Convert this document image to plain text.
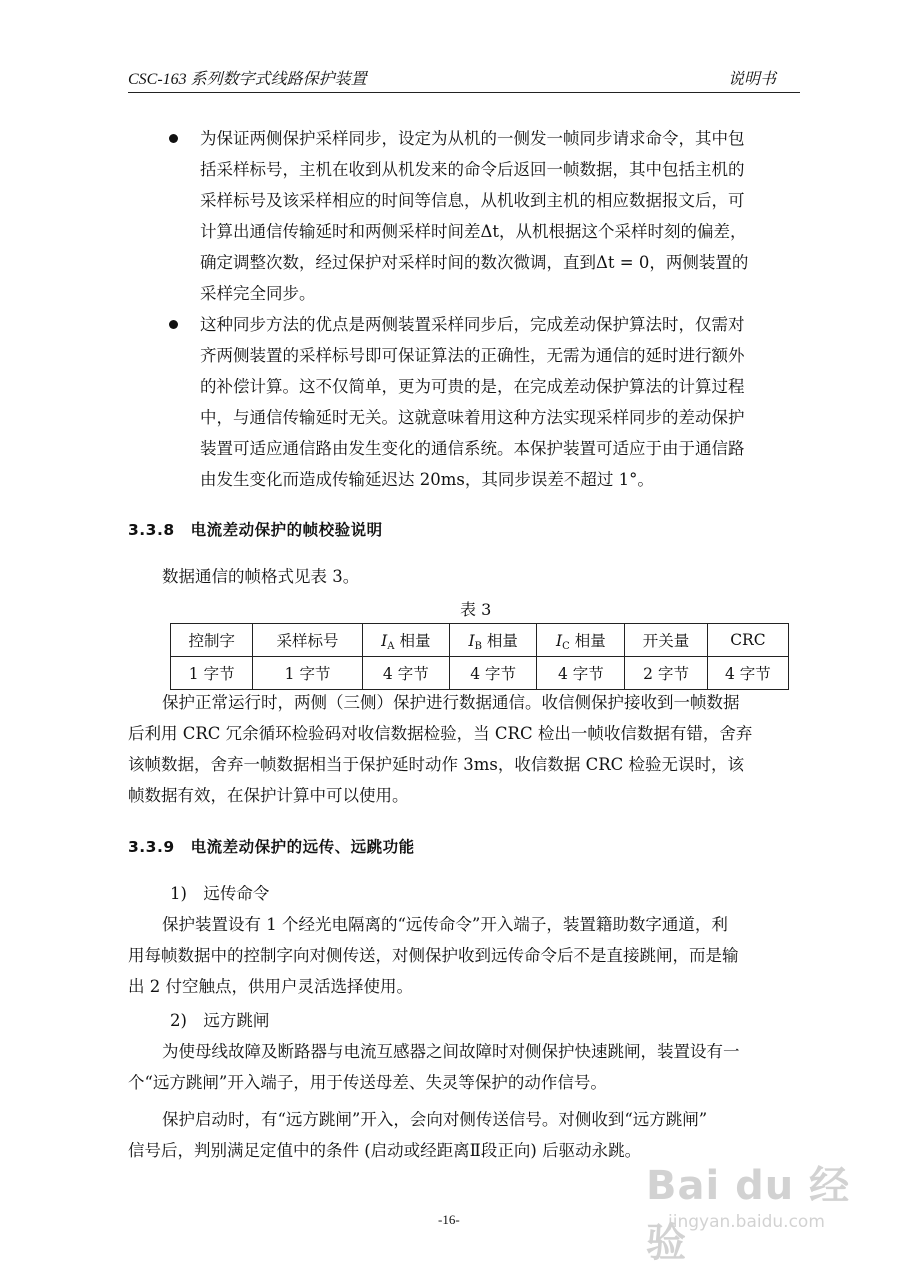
CSC-163 系列数字式线路保护装置	说明书
为保证两侧保护采样同步，设定为从机的一侧发一帧同步请求命令，其中包
括采样标号，主机在收到从机发来的命令后返回一帧数据，其中包括主机的
采样标号及该采样相应的时间等信息，从机收到主机的相应数据报文后，可
计算出通信传输延时和两侧采样时间差Δt，从机根据这个采样时刻的偏差，
确定调整次数，经过保护对采样时间的数次微调，直到Δt = 0，两侧装置的
采样完全同步。
这种同步方法的优点是两侧装置采样同步后，完成差动保护算法时，仅需对
齐两侧装置的采样标号即可保证算法的正确性，无需为通信的延时进行额外
的补偿计算。这不仅简单，更为可贵的是，在完成差动保护算法的计算过程
中，与通信传输延时无关。这就意味着用这种方法实现采样同步的差动保护
装置可适应通信路由发生变化的通信系统。本保护装置可适应于由于通信路
由发生变化而造成传输延迟达 20ms，其同步误差不超过 1°。
3.3.8　电流差动保护的帧校验说明
数据通信的帧格式见表 3。
表 3
控制字	采样标号	$I_A$ 相量	$I_B$ 相量	$I_C$ 相量	开关量	CRC
1 字节	1 字节	4 字节	4 字节	4 字节	2 字节	4 字节
保护正常运行时，两侧（三侧）保护进行数据通信。收信侧保护接收到一帧数据
后利用 CRC 冗余循环检验码对收信数据检验，当 CRC 检出一帧收信数据有错，舍弃
该帧数据，舍弃一帧数据相当于保护延时动作 3ms，收信数据 CRC 检验无误时，该
帧数据有效，在保护计算中可以使用。
3.3.9　电流差动保护的远传、远跳功能
1)　远传命令
保护装置设有 1 个经光电隔离的“远传命令”开入端子，装置籍助数字通道，利
用每帧数据中的控制字向对侧传送，对侧保护收到远传命令后不是直接跳闸，而是输
出 2 付空触点，供用户灵活选择使用。
2)　远方跳闸
为使母线故障及断路器与电流互感器之间故障时对侧保护快速跳闸，装置设有一
个“远方跳闸”开入端子，用于传送母差、失灵等保护的动作信号。
保护启动时，有“远方跳闸”开入，会向对侧传送信号。对侧收到“远方跳闸”
信号后，判别满足定值中的条件 (启动或经距离Ⅱ段正向) 后驱动永跳。
-16-
Bai du 经验
jingyan.baidu.com
